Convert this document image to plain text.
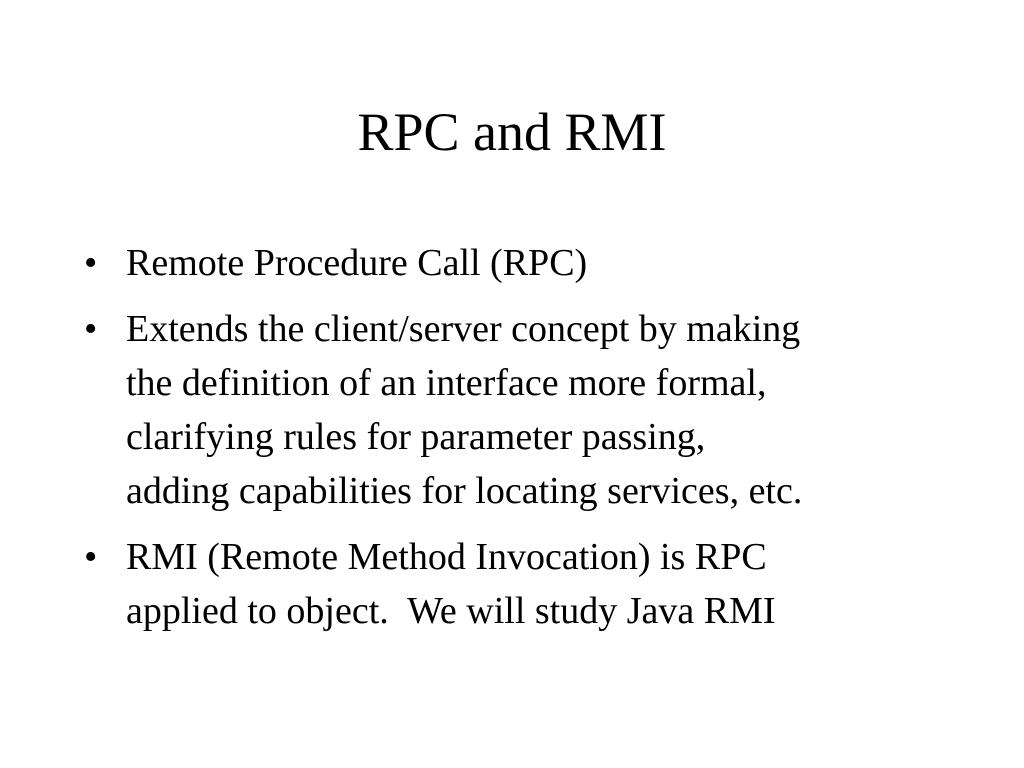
RPC and RMI
• Remote Procedure Call (RPC)
• Extends the client/server concept by making
the definition of an interface more formal,
clarifying rules for parameter passing,
adding capabilities for locating services, etc.
• RMI (Remote Method Invocation) is RPC
applied to object.  We will study Java RMI
